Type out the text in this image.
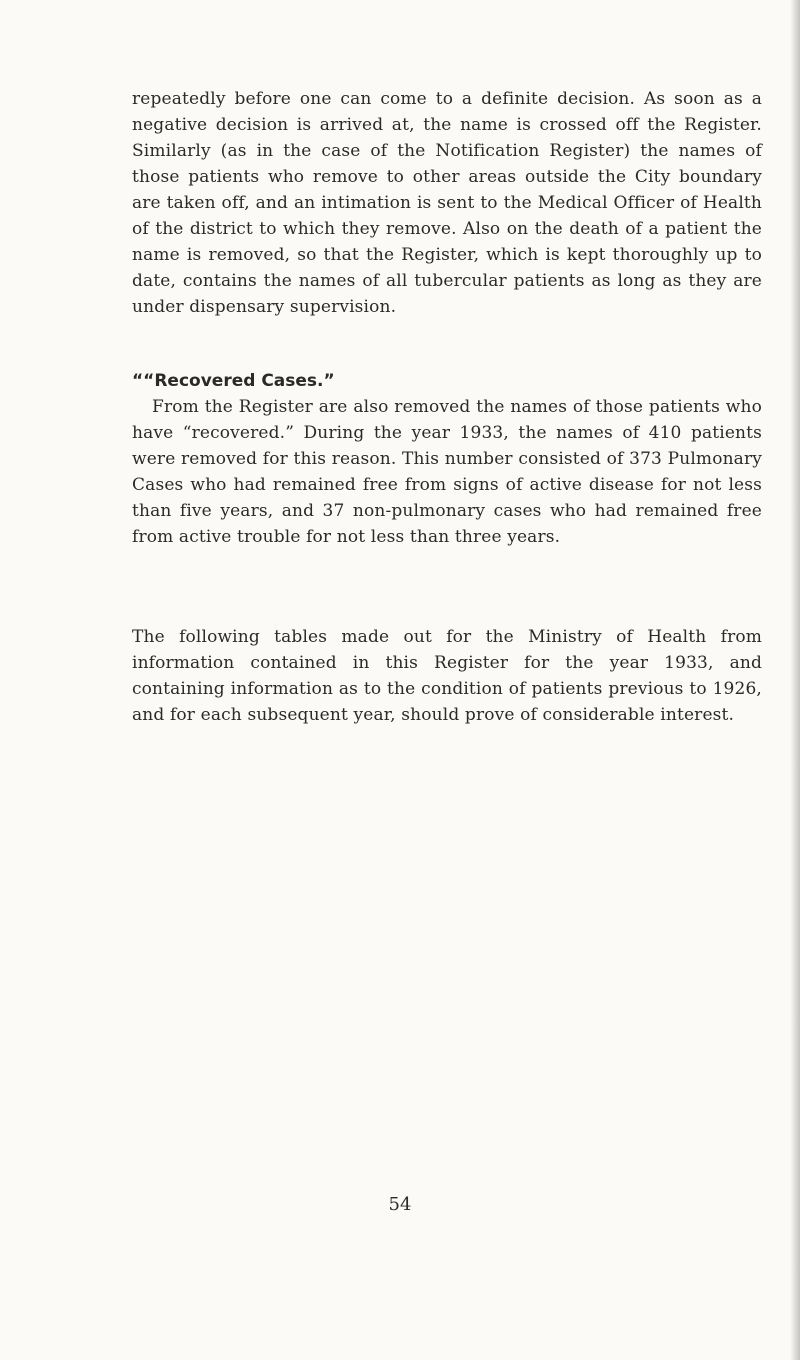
repeatedly before one can come to a definite decision. As soon as a negative decision is arrived at, the name is crossed off the Register. Similarly (as in the case of the Notification Register) the names of those patients who remove to other areas outside the City boundary are taken off, and an intimation is sent to the Medical Officer of Health of the district to which they remove. Also on the death of a patient the name is removed, so that the Register, which is kept thoroughly up to date, contains the names of all tubercular patients as long as they are under dispensary supervision.

““Recovered Cases.”

From the Register are also removed the names of those patients who have “recovered.” During the year 1933, the names of 410 patients were removed for this reason. This number consisted of 373 Pulmonary Cases who had remained free from signs of active disease for not less than five years, and 37 non-pulmonary cases who had remained free from active trouble for not less than three years.

The following tables made out for the Ministry of Health from information contained in this Register for the year 1933, and containing information as to the condition of patients previous to 1926, and for each subsequent year, should prove of considerable interest.

54
